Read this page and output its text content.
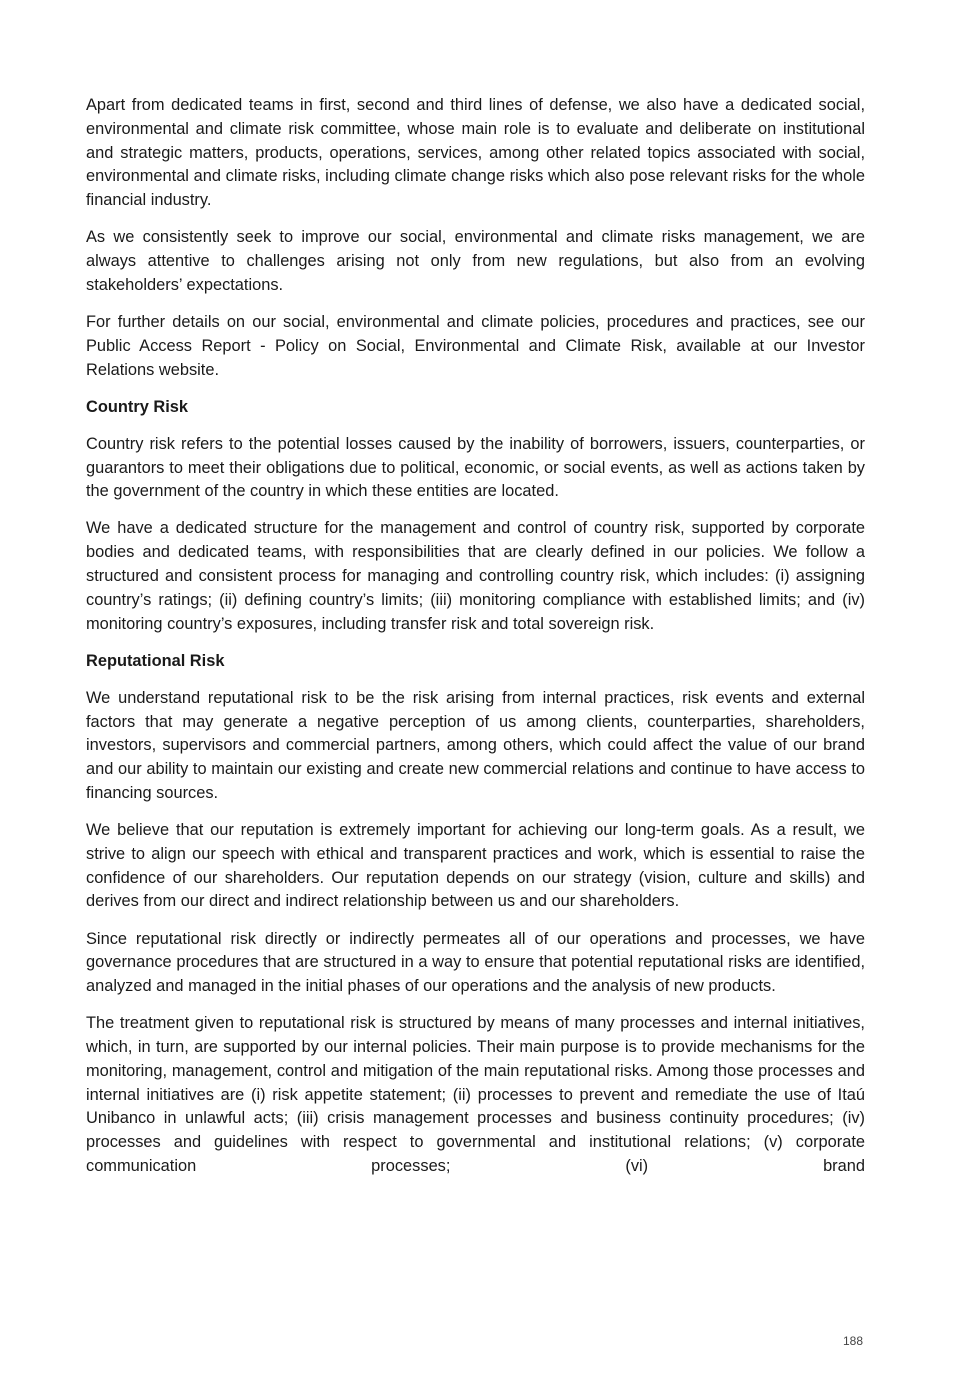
Apart from dedicated teams in first, second and third lines of defense, we also have a dedicated social, environmental and climate risk committee, whose main role is to evaluate and deliberate on institutional and strategic matters, products, operations, services, among other related topics associated with social, environmental and climate risks, including climate change risks which also pose relevant risks for the whole financial industry.

As we consistently seek to improve our social, environmental and climate risks management, we are always attentive to challenges arising not only from new regulations, but also from an evolving stakeholders’ expectations.

For further details on our social, environmental and climate policies, procedures and practices, see our Public Access Report - Policy on Social, Environmental and Climate Risk, available at our Investor Relations website.

Country Risk

Country risk refers to the potential losses caused by the inability of borrowers, issuers, counterparties, or guarantors to meet their obligations due to political, economic, or social events, as well as actions taken by the government of the country in which these entities are located.

We have a dedicated structure for the management and control of country risk, supported by corporate bodies and dedicated teams, with responsibilities that are clearly defined in our policies. We follow a structured and consistent process for managing and controlling country risk, which includes: (i) assigning country’s ratings; (ii) defining country’s limits; (iii) monitoring compliance with established limits; and (iv) monitoring country’s exposures, including transfer risk and total sovereign risk.

Reputational Risk

We understand reputational risk to be the risk arising from internal practices, risk events and external factors that may generate a negative perception of us among clients, counterparties, shareholders, investors, supervisors and commercial partners, among others, which could affect the value of our brand and our ability to maintain our existing and create new commercial relations and continue to have access to financing sources.

We believe that our reputation is extremely important for achieving our long-term goals. As a result, we strive to align our speech with ethical and transparent practices and work, which is essential to raise the confidence of our shareholders. Our reputation depends on our strategy (vision, culture and skills) and derives from our direct and indirect relationship between us and our shareholders.

Since reputational risk directly or indirectly permeates all of our operations and processes, we have governance procedures that are structured in a way to ensure that potential reputational risks are identified, analyzed and managed in the initial phases of our operations and the analysis of new products.

The treatment given to reputational risk is structured by means of many processes and internal initiatives, which, in turn, are supported by our internal policies. Their main purpose is to provide mechanisms for the monitoring, management, control and mitigation of the main reputational risks. Among those processes and internal initiatives are (i) risk appetite statement; (ii) processes to prevent and remediate the use of Itaú Unibanco in unlawful acts; (iii) crisis management processes and business continuity procedures; (iv) processes and guidelines with respect to governmental and institutional relations; (v) corporate communication processes; (vi) brand

188
